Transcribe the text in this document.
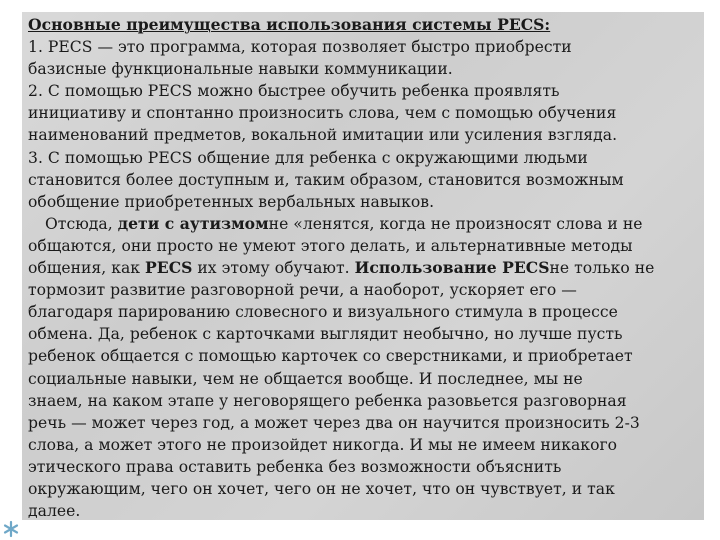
Основные преимущества использования системы PECS:
1. PECS — это программа, которая позволяет быстро приобрести
базисные функциональные навыки коммуникации.
2. С помощью PECS можно быстрее обучить ребенка проявлять
инициативу и спонтанно произносить слова, чем с помощью обучения
наименований предметов, вокальной имитации или усиления взгляда.
3. С помощью PECS общение для ребенка с окружающими людьми
становится более доступным и, таким образом, становится возможным
обобщение приобретенных вербальных навыков.
Отсюда, дети с аутизмомне «ленятся, когда не произносят слова и не
общаются, они просто не умеют этого делать, и альтернативные методы
общения, как PECS их этому обучают. Использование PECSне только не
тормозит развитие разговорной речи, а наоборот, ускоряет его —
благодаря парированию словесного и визуального стимула в процессе
обмена. Да, ребенок с карточками выглядит необычно, но лучше пусть
ребенок общается с помощью карточек со сверстниками, и приобретает
социальные навыки, чем не общается вообще. И последнее, мы не
знаем, на каком этапе у неговорящего ребенка разовьется разговорная
речь — может через год, а может через два он научится произносить 2-3
слова, а может этого не произойдет никогда. И мы не имеем никакого
этического права оставить ребенка без возможности объяснить
окружающим, чего он хочет, чего он не хочет, что он чувствует, и так
далее.
